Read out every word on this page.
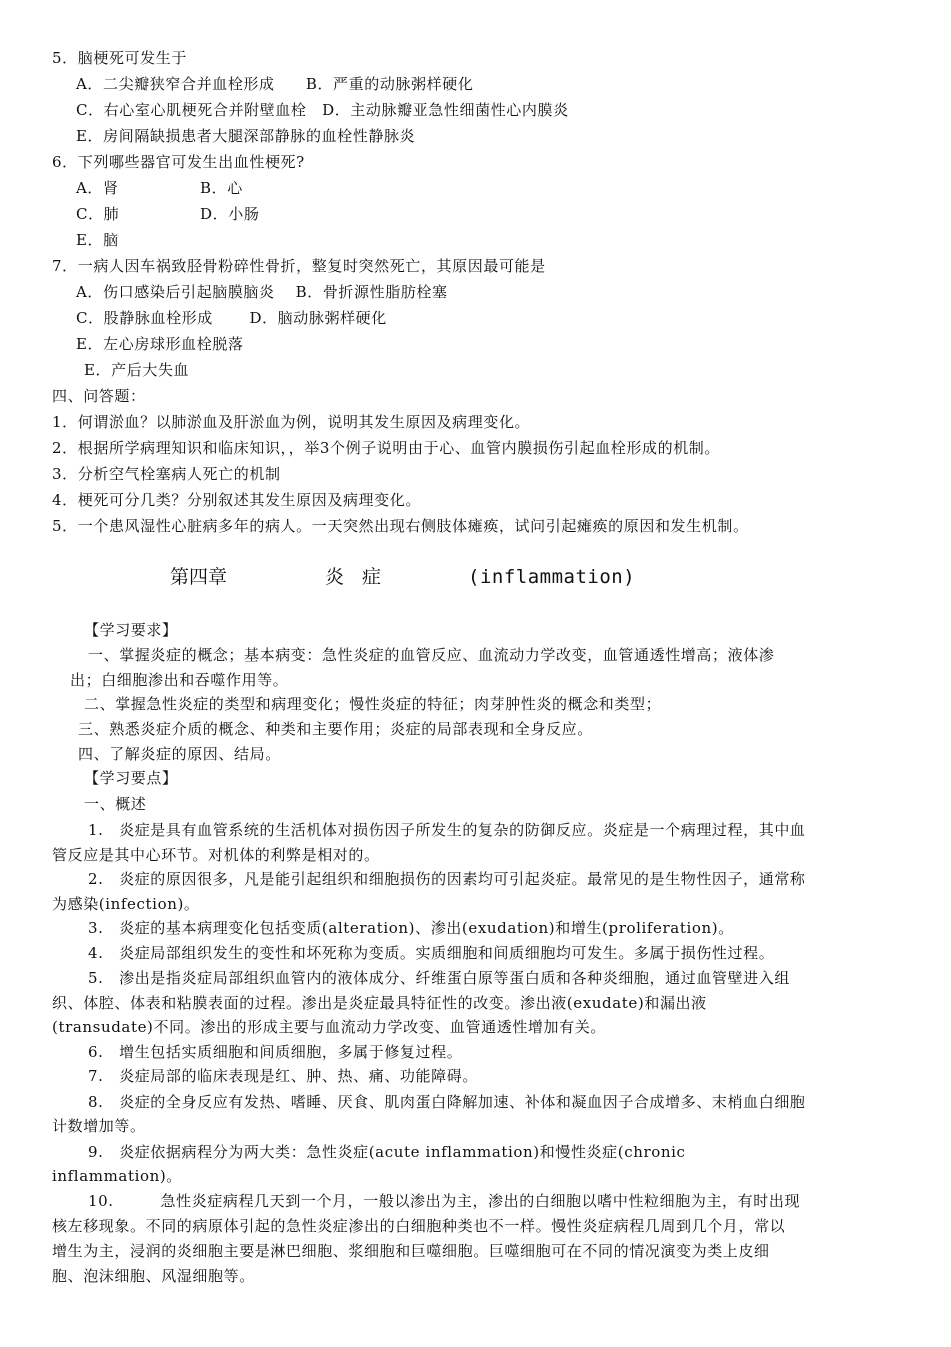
5．脑梗死可发生于
A．二尖瓣狭窄合并血栓形成　　B．严重的动脉粥样硬化
C．右心室心肌梗死合并附壁血栓　D．主动脉瓣亚急性细菌性心内膜炎
E．房间隔缺损患者大腿深部静脉的血栓性静脉炎
6．下列哪些器官可发生出血性梗死?
A．肾	B．心
C．肺	D．小肠
E．脑
7．一病人因车祸致胫骨粉碎性骨折，整复时突然死亡，其原因最可能是
A．伤口感染后引起脑膜脑炎　 B．骨折源性脂肪栓塞
C．股静脉血栓形成　　 D．脑动脉粥样硬化
E．左心房球形血栓脱落
E．产后大失血
四、问答题：
1．何谓淤血？以肺淤血及肝淤血为例，说明其发生原因及病理变化。
2．根据所学病理知识和临床知识，，举3个例子说明由于心、血管内膜损伤引起血栓形成的机制。
3．分析空气栓塞病人死亡的机制
4．梗死可分几类？分别叙述其发生原因及病理变化。
5．一个患风湿性心脏病多年的病人。一天突然出现右侧肢体瘫痪，试问引起瘫痪的原因和发生机制。
第四章	炎 症	(inflammation)
【学习要求】
一、掌握炎症的概念；基本病变：急性炎症的血管反应、血流动力学改变，血管通透性增高；液体渗
出；白细胞渗出和吞噬作用等。
二、掌握急性炎症的类型和病理变化；慢性炎症的特征；肉芽肿性炎的概念和类型；
三、熟悉炎症介质的概念、种类和主要作用；炎症的局部表现和全身反应。
四、了解炎症的原因、结局。
【学习要点】
一、概述
1.　炎症是具有血管系统的生活机体对损伤因子所发生的复杂的防御反应。炎症是一个病理过程，其中血
管反应是其中心环节。对机体的利弊是相对的。
2.　炎症的原因很多，凡是能引起组织和细胞损伤的因素均可引起炎症。最常见的是生物性因子，通常称
为感染(infection)。
3.　炎症的基本病理变化包括变质(alteration)、渗出(exudation)和增生(proliferation)。
4.　炎症局部组织发生的变性和坏死称为变质。实质细胞和间质细胞均可发生。多属于损伤性过程。
5.　渗出是指炎症局部组织血管内的液体成分、纤维蛋白原等蛋白质和各种炎细胞，通过血管壁进入组
织、体腔、体表和粘膜表面的过程。渗出是炎症最具特征性的改变。渗出液(exudate)和漏出液
(transudate)不同。渗出的形成主要与血流动力学改变、血管通透性增加有关。
6.　增生包括实质细胞和间质细胞，多属于修复过程。
7.　炎症局部的临床表现是红、肿、热、痛、功能障碍。
8.　炎症的全身反应有发热、嗜睡、厌食、肌肉蛋白降解加速、补体和凝血因子合成增多、末梢血白细胞
计数增加等。
9.　炎症依据病程分为两大类：急性炎症(acute inflammation)和慢性炎症(chronic
inflammation)。
10.　　　急性炎症病程几天到一个月，一般以渗出为主，渗出的白细胞以嗜中性粒细胞为主，有时出现
核左移现象。不同的病原体引起的急性炎症渗出的白细胞种类也不一样。慢性炎症病程几周到几个月，常以
增生为主，浸润的炎细胞主要是淋巴细胞、浆细胞和巨噬细胞。巨噬细胞可在不同的情况演变为类上皮细
胞、泡沫细胞、风湿细胞等。
